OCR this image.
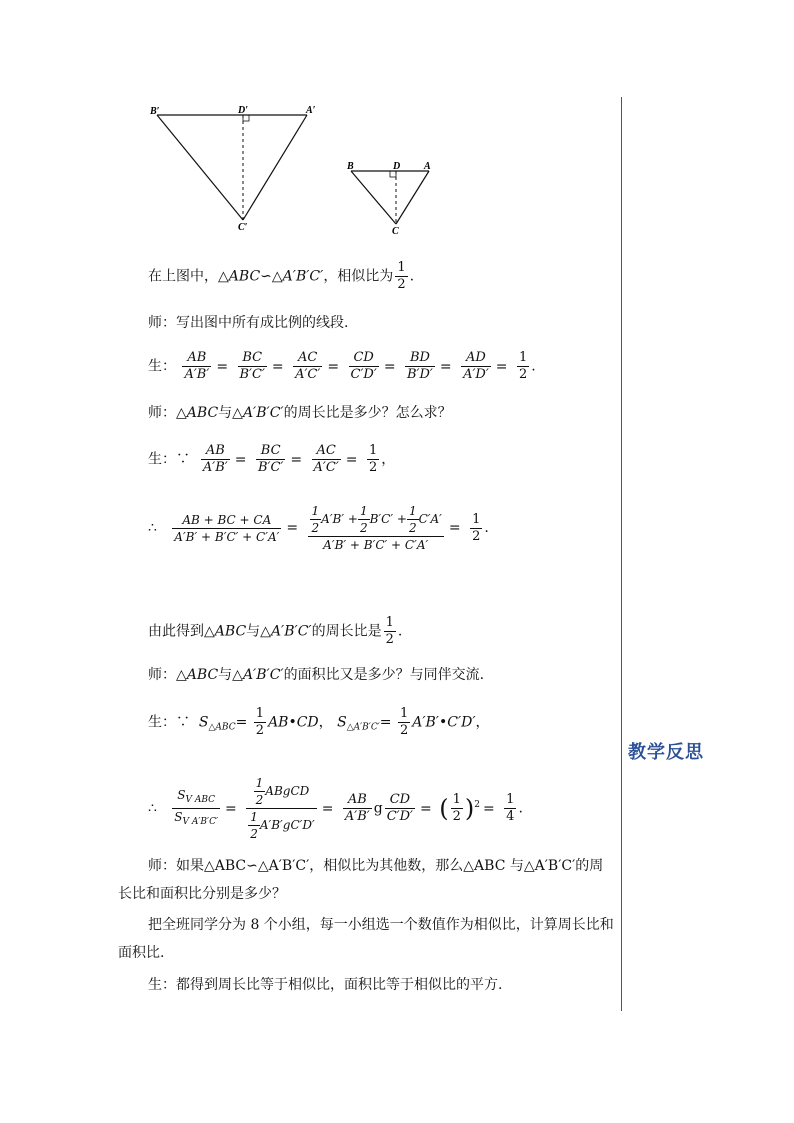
教学反思
B′	D′	A′
C′
B	D A
C
在上图中，△ABC∽△A′B′C′，相似比为 $\frac{1}{2}$ .
师：写出图中所有成比例的线段.
生： $\frac{AB}{A'B'} = \frac{BC}{B'C'} = \frac{AC}{A'C'} = \frac{CD}{C'D'} = \frac{BD}{B'D'} = \frac{AD}{A'D'} = \frac{1}{2}$ .
师：△ABC与△A′B′C′的周长比是多少？怎么求？
生：∵ $\frac{AB}{A'B'} = \frac{BC}{B'C'} = \frac{AC}{A'C'} = \frac{1}{2}$ ，
∴ $\frac{AB + BC + CA}{A'B' + B'C' + C'A'} = \frac{\frac{1}{2} A'B' + \frac{1}{2} B'C' + \frac{1}{2} C'A'}{A'B' + B'C' + C'A'} = \frac{1}{2}$ .
由此得到△ABC与△A′B′C′的周长比是 $\frac{1}{2}$ .
师：△ABC与△A′B′C′的面积比又是多少？与同伴交流.
生：∵ $S_{\triangle ABC}= \frac{1}{2}$ AB•CD， $S_{\triangle A'B'C'}= \frac{1}{2}$ A′B′•C′D′，
∴ $\frac{S_{V ABC}}{S_{V A'B'C'}} = \frac{\frac{1}{2} ABgCD}{\frac{1}{2} A'B'gC'D'} = \frac{AB}{A'B'}$ g $\frac{CD}{C'D'}$ = ( $\frac{1}{2} )^2 = \frac{1}{4}$ .
师：如果△ABC∽△A′B′C′，相似比为其他数，那么△ABC 与△A′B′C′的周长比和面积比分别是多少？
把全班同学分为 8 个小组，每一小组选一个数值作为相似比，计算周长比和面积比.
生：都得到周长比等于相似比，面积比等于相似比的平方.
